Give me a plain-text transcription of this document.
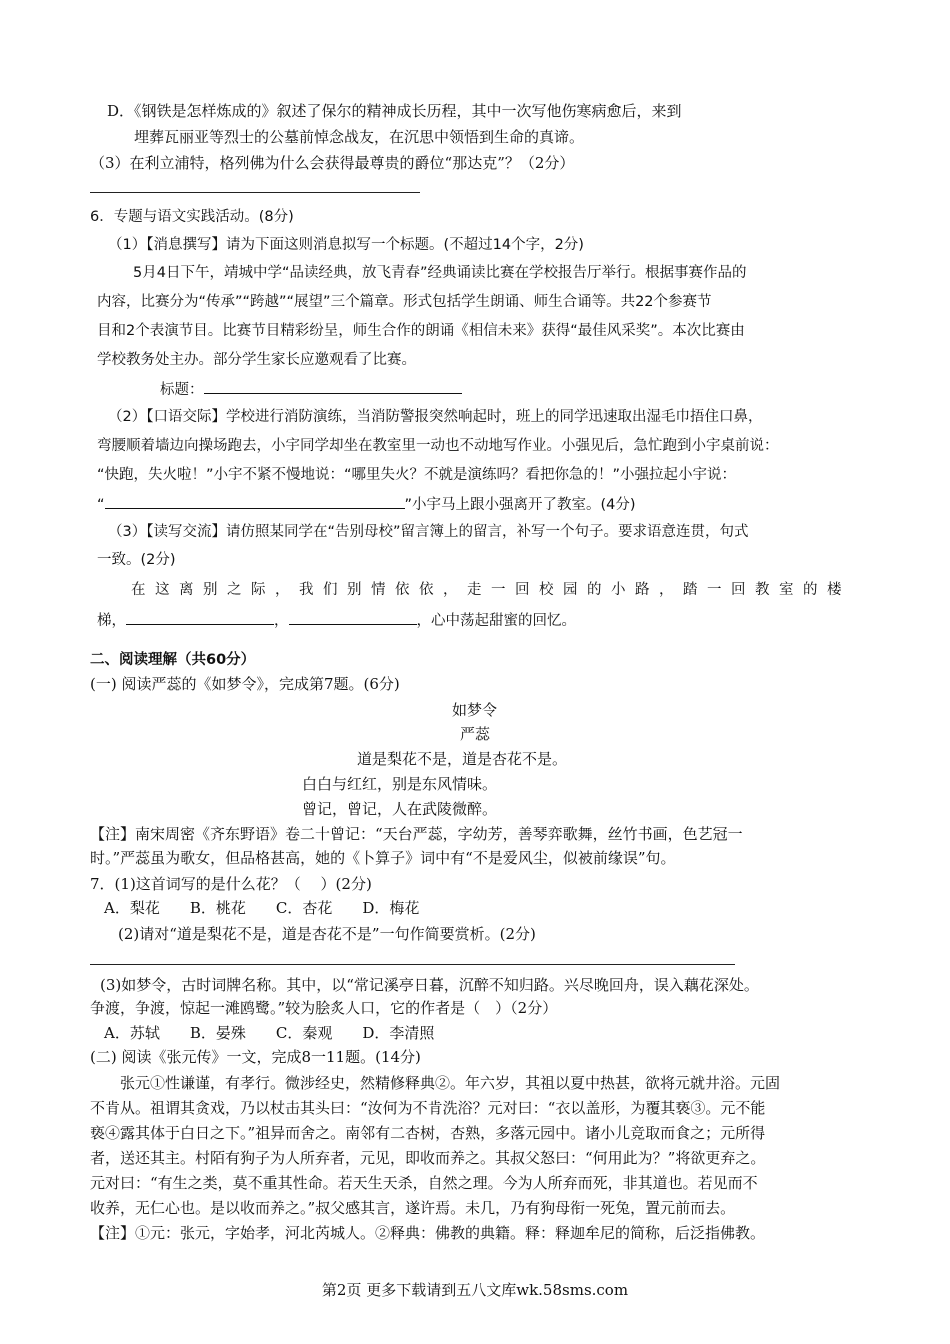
D．《钢铁是怎样炼成的》叙述了保尔的精神成长历程，其中一次写他伤寒病愈后，来到
埋葬瓦丽亚等烈士的公墓前悼念战友，在沉思中领悟到生命的真谛。
（3）在利立浦特，格列佛为什么会获得最尊贵的爵位“那达克”？（2分）
6．专题与语文实践活动。(8分)
（1）【消息撰写】请为下面这则消息拟写一个标题。(不超过14个字，2分)
5月4日下午，靖城中学“品读经典，放飞青春”经典诵读比赛在学校报告厅举行。根据事赛作品的
内容，比赛分为“传承”“跨越”“展望”三个篇章。形式包括学生朗诵、师生合诵等。共22个参赛节
目和2个表演节目。比赛节目精彩纷呈，师生合作的朗诵《相信未来》获得“最佳风采奖”。本次比赛由
学校教务处主办。部分学生家长应邀观看了比赛。
标题：
（2）【口语交际】学校进行消防演练，当消防警报突然响起时，班上的同学迅速取出湿毛巾捂住口鼻，
弯腰顺着墙边向操场跑去，小宇同学却坐在教室里一动也不动地写作业。小强见后，急忙跑到小宇桌前说：
“快跑，失火啦！”小宇不紧不慢地说：“哪里失火？不就是演练吗？看把你急的！”小强拉起小宇说：
“	”小宇马上跟小强离开了教室。(4分)
（3）【读写交流】请仿照某同学在“告别母校”留言簿上的留言，补写一个句子。要求语意连贯，句式
一致。(2分)
在这离别之际，我们别情依依，走一回校园的小路，踏一回教室的楼
梯，	，	，心中荡起甜蜜的回忆。
二、阅读理解（共60分）
(一) 阅读严蕊的《如梦令》，完成第7题。(6分)
如梦令
严蕊
道是梨花不是，道是杏花不是。
白白与红红，别是东风情味。
曾记，曾记，人在武陵微醉。
【注】南宋周密《齐东野语》卷二十曾记：“天台严蕊，字幼芳，善琴弈歌舞，丝竹书画，色艺冠一
时。”严蕊虽为歌女，但品格甚高，她的《卜算子》词中有“不是爱风尘，似被前缘误”句。
7．(1)这首词写的是什么花？（　 ）(2分)
A．梨花　　B．桃花　　C．杏花　　D．梅花
(2)请对“道是梨花不是，道是杏花不是”一句作简要赏析。(2分)
(3)如梦令，古时词牌名称。其中，以“常记溪亭日暮，沉醉不知归路。兴尽晚回舟，误入藕花深处。
争渡，争渡，惊起一滩鸥鹭。”较为脍炙人口，它的作者是（　）（2分）
A．苏轼　　B．晏殊　　C．秦观　　D．李清照
(二) 阅读《张元传》一文，完成8一11题。(14分)
张元①性谦谨，有孝行。微涉经史，然精修释典②。年六岁，其祖以夏中热甚，欲将元就井浴。元固
不肯从。祖谓其贪戏，乃以杖击其头曰：“汝何为不肯洗浴？元对曰：“衣以盖形，为覆其亵③。元不能
亵④露其体于白日之下。”祖异而舍之。南邻有二杏树，杏熟，多落元园中。诸小儿竞取而食之；元所得
者，送还其主。村陌有狗子为人所弃者，元见，即收而养之。其叔父怒曰：“何用此为？”将欲更弃之。
元对曰：“有生之类，莫不重其性命。若天生天杀，自然之理。今为人所弃而死，非其道也。若见而不
收养，无仁心也。是以收而养之。”叔父感其言，遂许焉。未几，乃有狗母衔一死兔，置元前而去。
【注】①元：张元，字始孝，河北芮城人。②释典：佛教的典籍。释：释迦牟尼的简称，后泛指佛教。
第2页 更多下载请到五八文库wk.58sms.com
